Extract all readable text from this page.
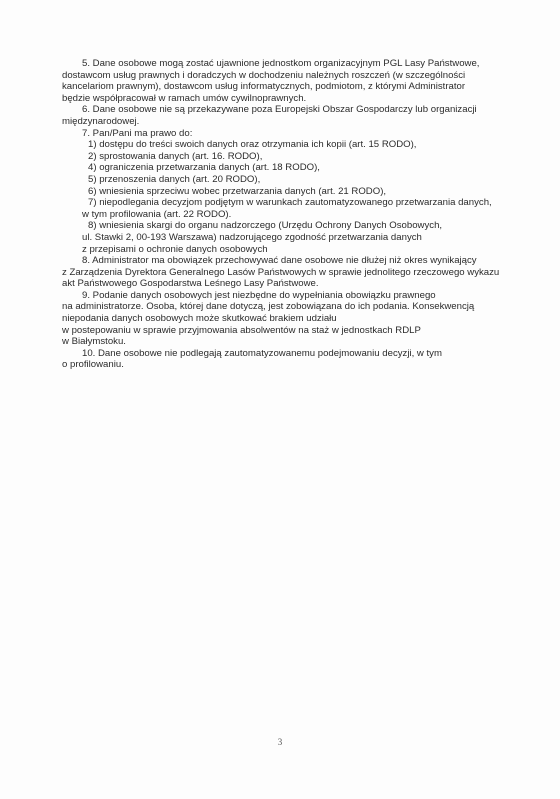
5. Dane osobowe mogą zostać ujawnione jednostkom organizacyjnym PGL Lasy Państwowe,
dostawcom usług prawnych i doradczych w dochodzeniu należnych roszczeń (w szczególności
kancelariom prawnym), dostawcom usług informatycznych, podmiotom, z którymi Administrator
będzie współpracował w ramach umów cywilnoprawnych.
6. Dane osobowe nie są przekazywane poza Europejski Obszar Gospodarczy lub organizacji
międzynarodowej.
7. Pan/Pani ma prawo do:
1) dostępu do treści swoich danych oraz otrzymania ich kopii (art. 15 RODO),
2) sprostowania danych (art. 16. RODO),
4) ograniczenia przetwarzania danych (art. 18 RODO),
5) przenoszenia danych (art. 20 RODO),
6) wniesienia sprzeciwu wobec przetwarzania danych (art. 21 RODO),
7) niepodlegania decyzjom podjętym w warunkach zautomatyzowanego przetwarzania danych,
w tym profilowania (art. 22 RODO).
8) wniesienia skargi do organu nadzorczego (Urzędu Ochrony Danych Osobowych,
ul. Stawki 2, 00-193 Warszawa) nadzorującego zgodność przetwarzania danych
z przepisami o ochronie danych osobowych
8. Administrator ma obowiązek przechowywać dane osobowe nie dłużej niż okres wynikający
z Zarządzenia Dyrektora Generalnego Lasów Państwowych w sprawie jednolitego rzeczowego wykazu
akt Państwowego Gospodarstwa Leśnego Lasy Państwowe.
9. Podanie danych osobowych jest niezbędne do wypełniania obowiązku prawnego
na administratorze. Osoba, której dane dotyczą, jest zobowiązana do ich podania. Konsekwencją
niepodania danych osobowych może skutkować brakiem udziału
w postepowaniu w sprawie przyjmowania absolwentów na staż w jednostkach RDLP
w Białymstoku.
10. Dane osobowe nie podlegają zautomatyzowanemu podejmowaniu decyzji, w tym
o profilowaniu.
3
